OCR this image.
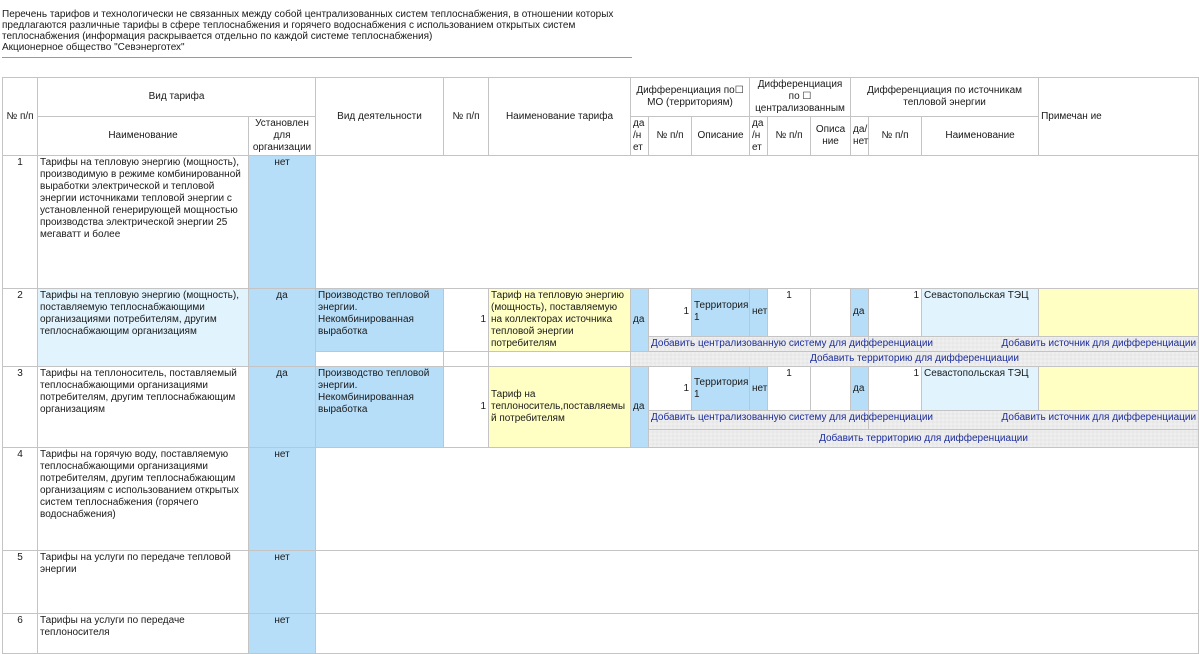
Перечень тарифов и технологически не связанных между собой централизованных систем теплоснабжения, в отношении которых предлагаются различные тарифы в сфере теплоснабжения и горячего водоснабжения с использованием открытых систем теплоснабжения (информация раскрывается отдельно по каждой системе теплоснабжения)
Акционерное общество "Севэнерготех"
№ п/п	Вид тарифа		Вид деятельности	№ п/п	Наименование тарифа	Дифференциация по☐ МО (территориям)			Дифференциация по ☐ централизованным			Дифференциация по источникам тепловой энергии			Примечан ие
	Наименование	Установлен для организации				да /н ет	№ п/п	Описание	да /н ет	№ п/п	Описа ние	да/ нет	№ п/п	Наименование	
1	Тарифы на тепловую энергию (мощность), производимую в режиме комбинированной выработки электрической и тепловой энергии источниками тепловой энергии с установленной генерирующей мощностью производства электрической энергии 25 мегаватт и более	нет													
2	Тарифы на тепловую энергию (мощность), поставляемую теплоснабжающими организациями потребителям, другим теплоснабжающим организациям	да	Производство тепловой энергии. Некомбинированная выработка	1	Тариф на тепловую энергию (мощность), поставляемую на коллекторах источника тепловой энергии потребителям	да	1	Территория 1	нет	1		да	1	Севастопольская ТЭЦ	
							Добавить централизованную систему для дифференциации						Добавить источник для дифференциации		
						Добавить территорию для дифференциации									
3	Тарифы на теплоноситель, поставляемый теплоснабжающими организациями потребителям, другим теплоснабжающим организациям	да	Производство тепловой энергии. Некомбинированная выработка	1	Тариф на теплоноситель,поставляемы й потребителям	да	1	Территория 1	нет	1		да	1	Севастопольская ТЭЦ	
							Добавить централизованную систему для дифференциации						Добавить источник для дифференциации		
							Добавить территорию для дифференциации								
4	Тарифы на горячую воду, поставляемую теплоснабжающими организациями потребителям, другим теплоснабжающим организациям с использованием открытых систем теплоснабжения (горячего водоснабжения)	нет													
5	Тарифы на услуги по передаче тепловой энергии	нет													
6	Тарифы на услуги по передаче теплоносителя	нет													
